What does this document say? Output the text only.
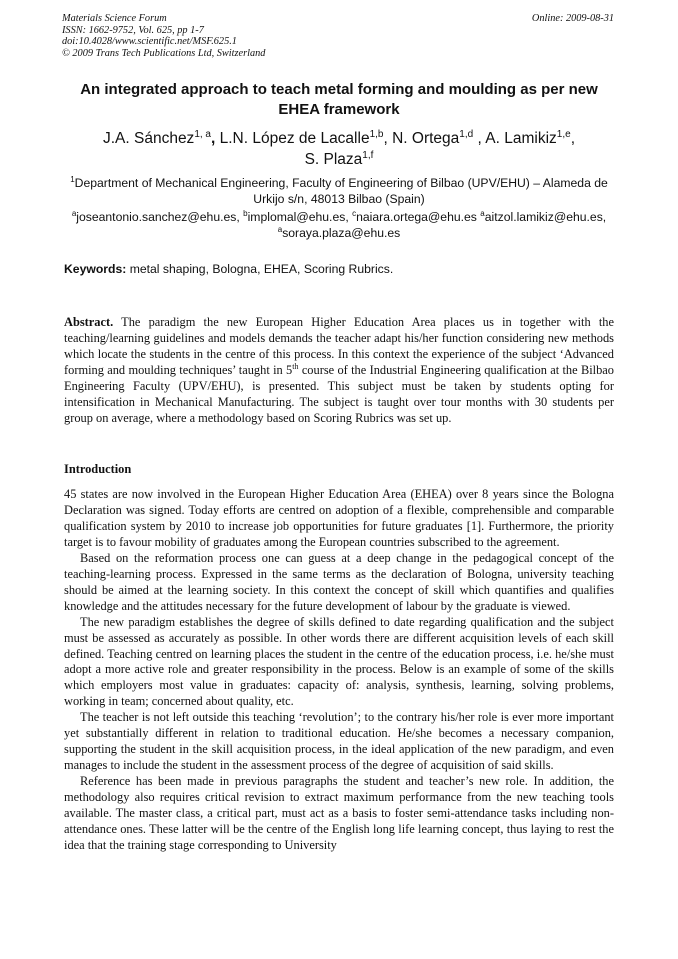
Materials Science Forum
ISSN: 1662-9752, Vol. 625, pp 1-7
doi:10.4028/www.scientific.net/MSF.625.1
© 2009 Trans Tech Publications Ltd, Switzerland
Online: 2009-08-31
An integrated approach to teach metal forming and moulding as per new EHEA framework
J.A. Sánchez$^{1, a}$, L.N. López de Lacalle$^{1,b}$, N. Ortega$^{1,d}$ , A. Lamikiz$^{1,e}$,
S. Plaza$^{1,f}$
$^1$Department of Mechanical Engineering, Faculty of Engineering of Bilbao (UPV/EHU) – Alameda de Urkijo s/n, 48013 Bilbao (Spain)
$^a$joseantonio.sanchez@ehu.es, $^b$implomal@ehu.es, $^c$naiara.ortega@ehu.es $^a$aitzol.lamikiz@ehu.es,
$^a$soraya.plaza@ehu.es
Keywords: metal shaping, Bologna, EHEA, Scoring Rubrics.

Abstract. The paradigm the new European Higher Education Area places us in together with the teaching/learning guidelines and models demands the teacher adapt his/her function considering new methods which locate the students in the centre of this process. In this context the experience of the subject ‘Advanced forming and moulding techniques’ taught in 5th course of the Industrial Engineering qualification at the Bilbao Engineering Faculty (UPV/EHU), is presented. This subject must be taken by students opting for intensification in Mechanical Manufacturing. The subject is taught over tour months with 30 students per group on average, where a methodology based on Scoring Rubrics was set up.

Introduction

45 states are now involved in the European Higher Education Area (EHEA) over 8 years since the Bologna Declaration was signed. Today efforts are centred on adoption of a flexible, comprehensible and comparable qualification system by 2010 to increase job opportunities for future graduates [1]. Furthermore, the priority target is to favour mobility of graduates among the European countries subscribed to the agreement.

Based on the reformation process one can guess at a deep change in the pedagogical concept of the teaching-learning process. Expressed in the same terms as the declaration of Bologna, university teaching should be aimed at the learning society. In this context the concept of skill which quantifies and qualifies knowledge and the attitudes necessary for the future development of labour by the graduate is viewed.

The new paradigm establishes the degree of skills defined to date regarding qualification and the subject must be assessed as accurately as possible. In other words there are different acquisition levels of each skill defined. Teaching centred on learning places the student in the centre of the education process, i.e. he/she must adopt a more active role and greater responsibility in the process. Below is an example of some of the skills which employers most value in graduates: capacity of: analysis, synthesis, learning, solving problems, working in team; concerned about quality, etc.

The teacher is not left outside this teaching ‘revolution’; to the contrary his/her role is ever more important yet substantially different in relation to traditional education. He/she becomes a necessary companion, supporting the student in the skill acquisition process, in the ideal application of the new paradigm, and even manages to include the student in the assessment process of the degree of acquisition of said skills.

Reference has been made in previous paragraphs the student and teacher’s new role. In addition, the methodology also requires critical revision to extract maximum performance from the new teaching tools available. The master class, a critical part, must act as a basis to foster semi-attendance tasks including non-attendance ones. These latter will be the centre of the English long life learning concept, thus laying to rest the idea that the training stage corresponding to University
